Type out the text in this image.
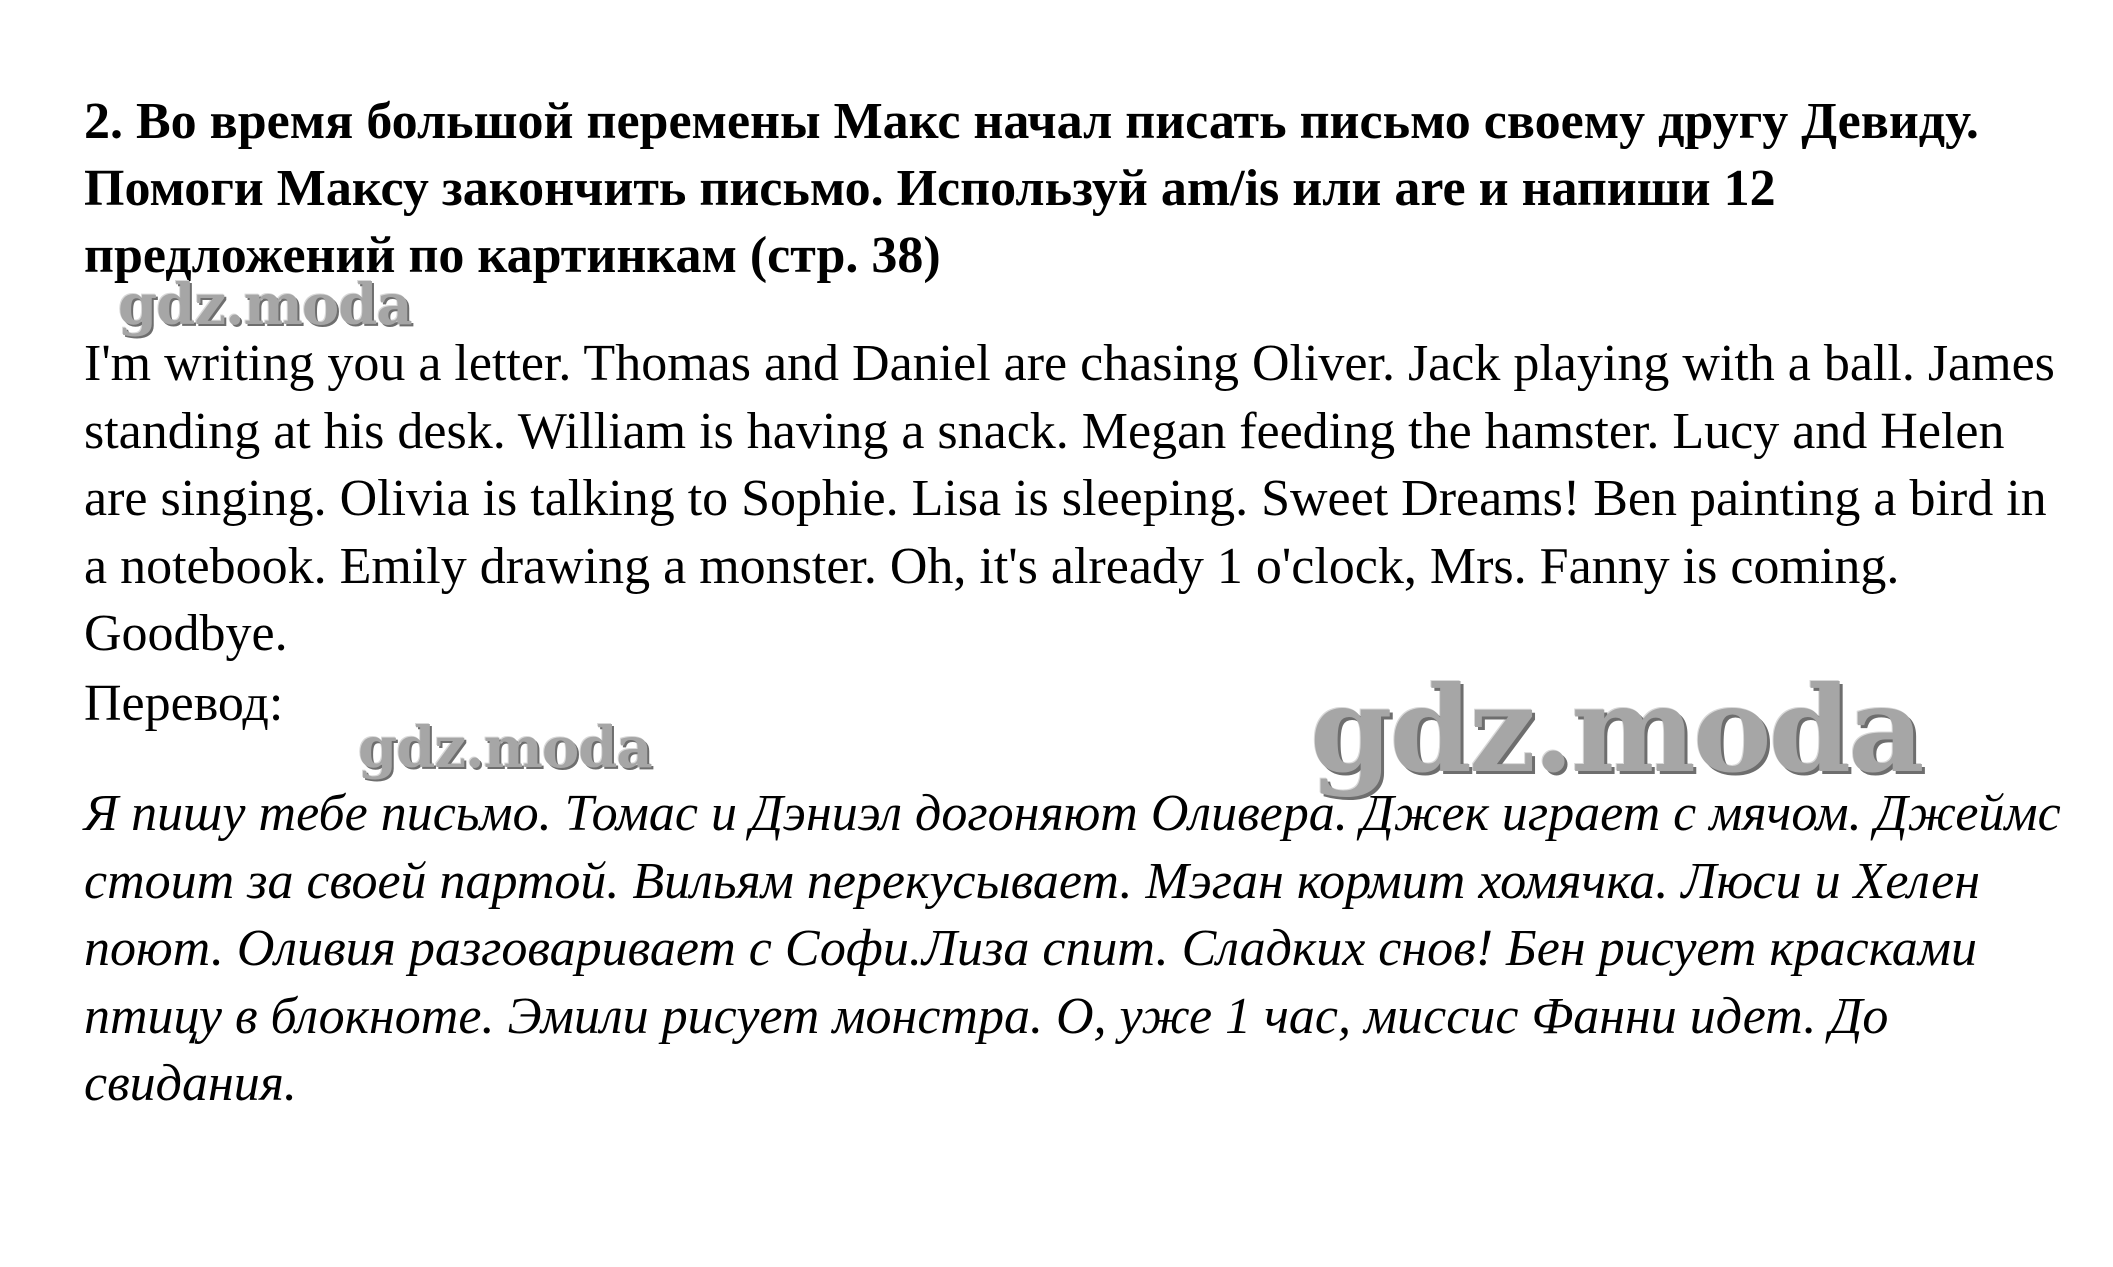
2. Во время большой перемены Макс начал писать письмо своему другу Девиду. Помоги Максу закончить письмо. Используй am/is или are и напиши 12 предложений по картинкам (стр. 38)

gdz.moda

I'm writing you a letter. Thomas and Daniel are chasing Oliver. Jack playing with a ball. James standing at his desk. William is having a snack. Megan feeding the hamster. Lucy and Helen are singing. Olivia is talking to Sophie. Lisa is sleeping. Sweet Dreams! Ben painting a bird in a notebook. Emily drawing a monster. Oh, it's already 1 o'clock, Mrs. Fanny is coming. Goodbye.

Перевод:

gdz.moda	gdz.moda

Я пишу тебе письмо. Томас и Дэниэл догоняют Оливера. Джек играет с мячом. Джеймс стоит за своей партой. Вильям перекусывает. Мэган кормит хомячка. Люси и Хелен поют. Оливия разговаривает с Софи.Лиза спит. Сладких снов! Бен рисует красками птицу в блокноте. Эмили рисует монстра. О, уже 1 час, миссис Фанни идет. До свидания.
